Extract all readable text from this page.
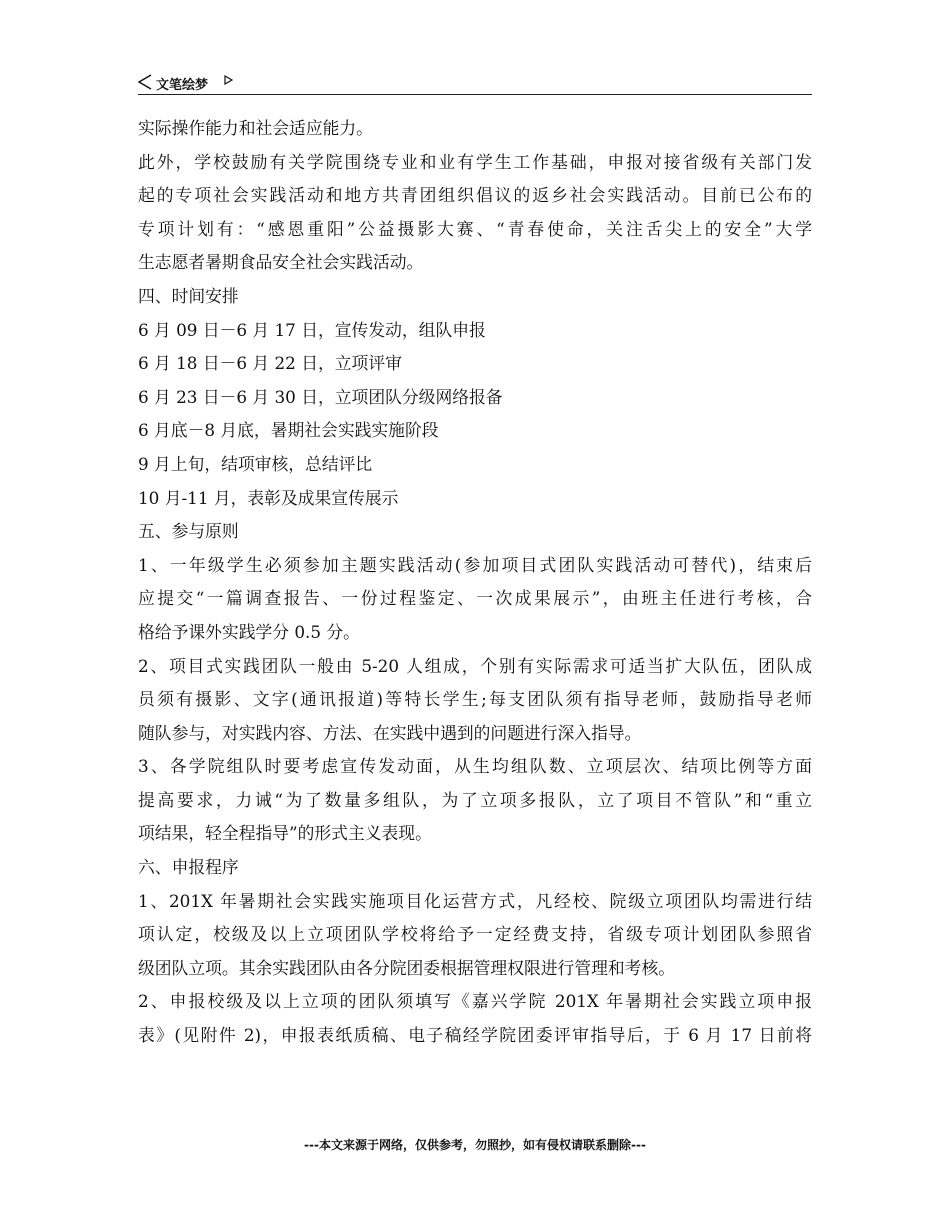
文笔绘梦
实际操作能力和社会适应能力。
此外，学校鼓励有关学院围绕专业和业有学生工作基础，申报对接省级有关部门发
起的专项社会实践活动和地方共青团组织倡议的返乡社会实践活动。目前已公布的
专项计划有：“感恩重阳”公益摄影大赛、“青春使命，关注舌尖上的安全”大学
生志愿者暑期食品安全社会实践活动。
四、时间安排
6 月 09 日－6 月 17 日，宣传发动，组队申报
6 月 18 日－6 月 22 日，立项评审
6 月 23 日－6 月 30 日，立项团队分级网络报备
6 月底－8 月底，暑期社会实践实施阶段
9 月上旬，结项审核，总结评比
10 月-11 月，表彰及成果宣传展示
五、参与原则
1、一年级学生必须参加主题实践活动(参加项目式团队实践活动可替代)，结束后
应提交“一篇调查报告、一份过程鉴定、一次成果展示”，由班主任进行考核，合
格给予课外实践学分 0.5 分。
2、项目式实践团队一般由 5-20 人组成，个别有实际需求可适当扩大队伍，团队成
员须有摄影、文字(通讯报道)等特长学生;每支团队须有指导老师，鼓励指导老师
随队参与，对实践内容、方法、在实践中遇到的问题进行深入指导。
3、各学院组队时要考虑宣传发动面，从生均组队数、立项层次、结项比例等方面
提高要求，力诫“为了数量多组队，为了立项多报队，立了项目不管队”和“重立
项结果，轻全程指导”的形式主义表现。
六、申报程序
1、201X 年暑期社会实践实施项目化运营方式，凡经校、院级立项团队均需进行结
项认定，校级及以上立项团队学校将给予一定经费支持，省级专项计划团队参照省
级团队立项。其余实践团队由各分院团委根据管理权限进行管理和考核。
2、申报校级及以上立项的团队须填写《嘉兴学院 201X 年暑期社会实践立项申报
表》(见附件 2)，申报表纸质稿、电子稿经学院团委评审指导后，于 6 月 17 日前将
---本文来源于网络，仅供参考，勿照抄，如有侵权请联系删除---
